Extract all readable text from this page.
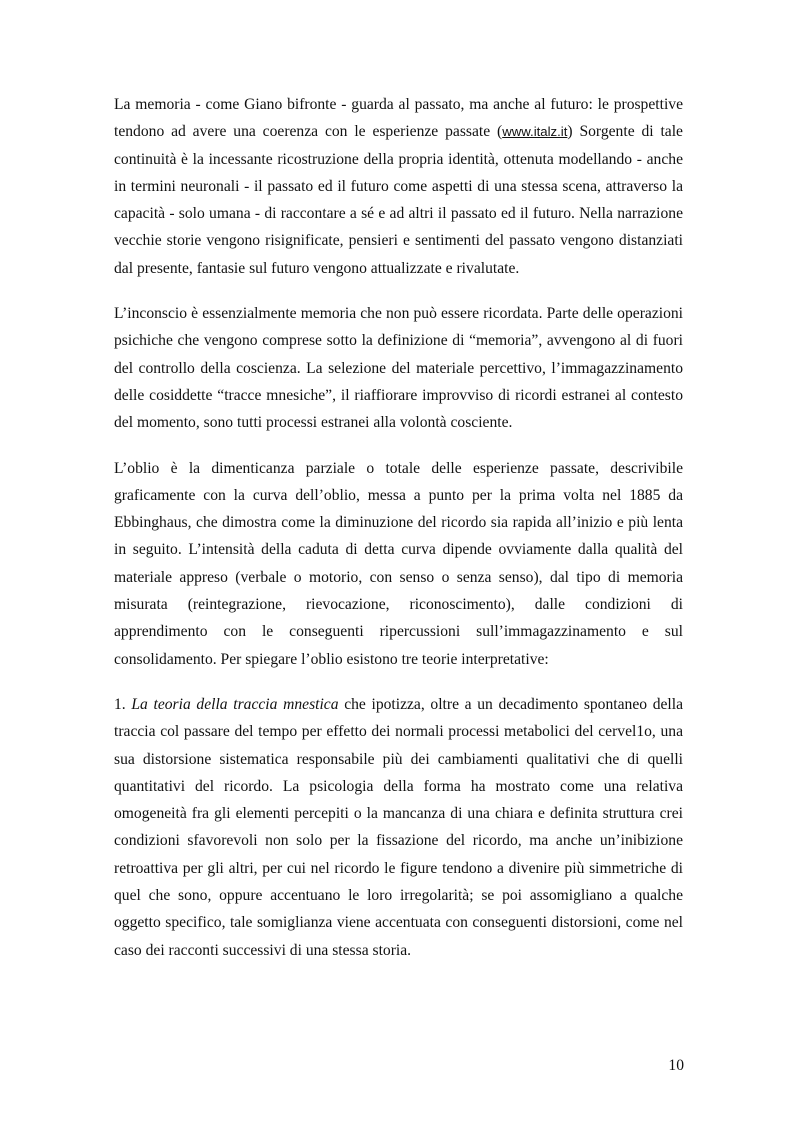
La memoria - come Giano bifronte - guarda al passato, ma anche al futuro: le prospettive tendono ad avere una coerenza con le esperienze passate (www.italz.it) Sorgente di tale continuità è la incessante ricostruzione della propria identità, ottenuta modellando - anche in termini neuronali - il passato ed il futuro come aspetti di una stessa scena, attraverso la capacità - solo umana - di raccontare a sé e ad altri il passato ed il futuro. Nella narrazione vecchie storie vengono risignificate, pensieri e sentimenti del passato vengono distanziati dal presente, fantasie sul futuro vengono attualizzate e rivalutate.

L’inconscio è essenzialmente memoria che non può essere ricordata. Parte delle operazioni psichiche che vengono comprese sotto la definizione di “memoria”, avvengono al di fuori del controllo della coscienza. La selezione del materiale percettivo, l’immagazzinamento delle cosiddette “tracce mnesiche”, il riaffiorare improvviso di ricordi estranei al contesto del momento, sono tutti processi estranei alla volontà cosciente.

L’oblio è la dimenticanza parziale o totale delle esperienze passate, descrivibile graficamente con la curva dell’oblio, messa a punto per la prima volta nel 1885 da Ebbinghaus, che dimostra come la diminuzione del ricordo sia rapida all’inizio e più lenta in seguito. L’intensità della caduta di detta curva dipende ovviamente dalla qualità del materiale appreso (verbale o motorio, con senso o senza senso), dal tipo di memoria misurata (reintegrazione, rievocazione, riconoscimento), dalle condizioni di apprendimento con le conseguenti ripercussioni sull’immagazzinamento e sul consolidamento. Per spiegare l’oblio esistono tre teorie interpretative:

1. La teoria della traccia mnestica che ipotizza, oltre a un decadimento spontaneo della traccia col passare del tempo per effetto dei normali processi metabolici del cervel1o, una sua distorsione sistematica responsabile più dei cambiamenti qualitativi che di quelli quantitativi del ricordo. La psicologia della forma ha mostrato come una relativa omogeneità fra gli elementi percepiti o la mancanza di una chiara e definita struttura crei condizioni sfavorevoli non solo per la fissazione del ricordo, ma anche un’inibizione retroattiva per gli altri, per cui nel ricordo le figure tendono a divenire più simmetriche di quel che sono, oppure accentuano le loro irregolarità; se poi assomigliano a qualche oggetto specifico, tale somiglianza viene accentuata con conseguenti distorsioni, come nel caso dei racconti successivi di una stessa storia.

10
